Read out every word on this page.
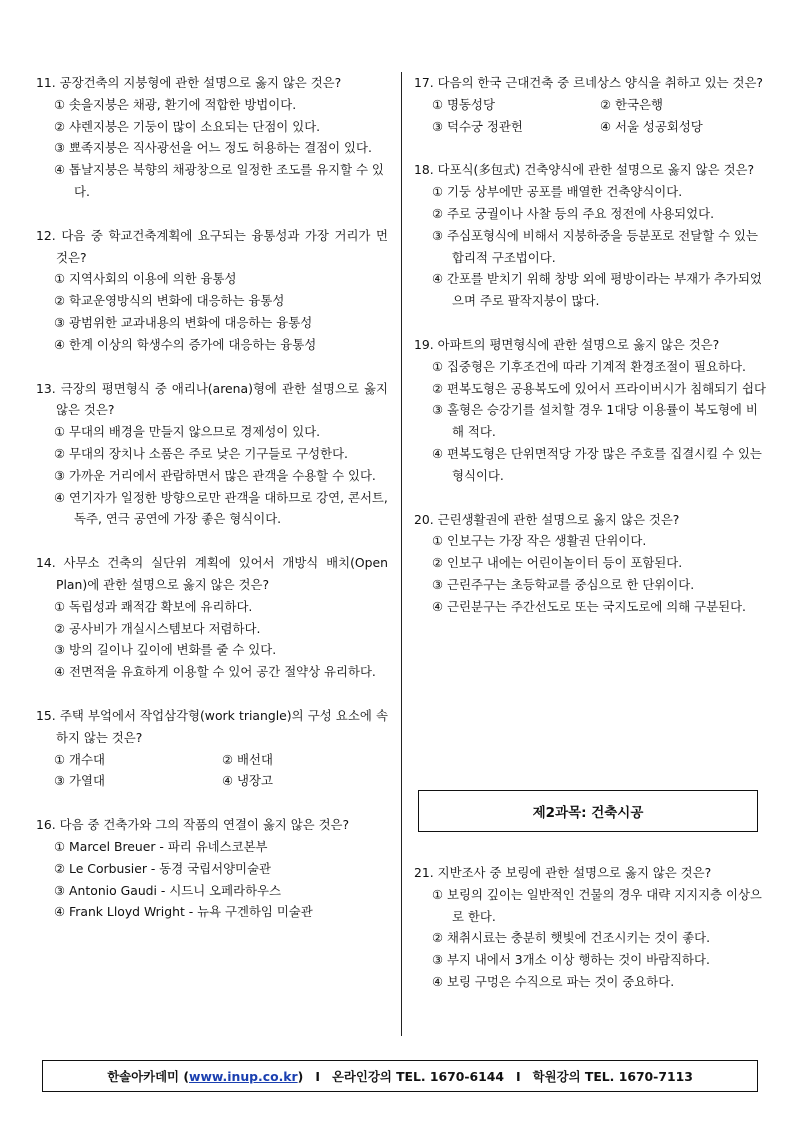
11. 공장건축의 지붕형에 관한 설명으로 옳지 않은 것은?
① 솟을지붕은 채광, 환기에 적합한 방법이다.
② 샤렌지붕은 기둥이 많이 소요되는 단점이 있다.
③ 뾰족지붕은 직사광선을 어느 정도 허용하는 결점이 있다.
④ 톱날지붕은 북향의 채광창으로 일정한 조도를 유지할 수 있다.
12. 다음 중 학교건축계획에 요구되는 융통성과 가장 거리가 먼 것은?
① 지역사회의 이용에 의한 융통성
② 학교운영방식의 변화에 대응하는 융통성
③ 광범위한 교과내용의 변화에 대응하는 융통성
④ 한계 이상의 학생수의 증가에 대응하는 융통성
13. 극장의 평면형식 중 애리나(arena)형에 관한 설명으로 옳지 않은 것은?
① 무대의 배경을 만들지 않으므로 경제성이 있다.
② 무대의 장치나 소품은 주로 낮은 기구들로 구성한다.
③ 가까운 거리에서 관람하면서 많은 관객을 수용할 수 있다.
④ 연기자가 일정한 방향으로만 관객을 대하므로 강연, 콘서트, 독주, 연극 공연에 가장 좋은 형식이다.
14. 사무소 건축의 실단위 계획에 있어서 개방식 배치(Open Plan)에 관한 설명으로 옳지 않은 것은?
① 독립성과 쾌적감 확보에 유리하다.
② 공사비가 개실시스템보다 저렴하다.
③ 방의 길이나 깊이에 변화를 줄 수 있다.
④ 전면적을 유효하게 이용할 수 있어 공간 절약상 유리하다.
15. 주택 부엌에서 작업삼각형(work triangle)의 구성 요소에 속하지 않는 것은?
① 개수대	② 배선대
③ 가열대	④ 냉장고
16. 다음 중 건축가와 그의 작품의 연결이 옳지 않은 것은?
① Marcel Breuer - 파리 유네스코본부
② Le Corbusier - 동경 국립서양미술관
③ Antonio Gaudi - 시드니 오페라하우스
④ Frank Lloyd Wright - 뉴욕 구겐하임 미술관
17. 다음의 한국 근대건축 중 르네상스 양식을 취하고 있는 것은?
① 명동성당	② 한국은행
③ 덕수궁 정관헌	④ 서울 성공회성당
18. 다포식(多包式) 건축양식에 관한 설명으로 옳지 않은 것은?
① 기둥 상부에만 공포를 배열한 건축양식이다.
② 주로 궁궐이나 사찰 등의 주요 정전에 사용되었다.
③ 주심포형식에 비해서 지붕하중을 등분포로 전달할 수 있는 합리적 구조법이다.
④ 간포를 받치기 위해 창방 외에 평방이라는 부재가 추가되었으며 주로 팔작지붕이 많다.
19. 아파트의 평면형식에 관한 설명으로 옳지 않은 것은?
① 집중형은 기후조건에 따라 기계적 환경조절이 필요하다.
② 편복도형은 공용복도에 있어서 프라이버시가 침해되기 쉽다
③ 홀형은 승강기를 설치할 경우 1대당 이용률이 복도형에 비해 적다.
④ 편복도형은 단위면적당 가장 많은 주호를 집결시킬 수 있는 형식이다.
20. 근린생활권에 관한 설명으로 옳지 않은 것은?
① 인보구는 가장 작은 생활권 단위이다.
② 인보구 내에는 어린이놀이터 등이 포함된다.
③ 근린주구는 초등학교를 중심으로 한 단위이다.
④ 근린분구는 주간선도로 또는 국지도로에 의해 구분된다.
제2과목: 건축시공
21. 지반조사 중 보링에 관한 설명으로 옳지 않은 것은?
① 보링의 깊이는 일반적인 건물의 경우 대략 지지지층 이상으로 한다.
② 채취시료는 충분히 햇빛에 건조시키는 것이 좋다.
③ 부지 내에서 3개소 이상 행하는 것이 바람직하다.
④ 보링 구멍은 수직으로 파는 것이 중요하다.
한솔아카데미 (www.inup.co.kr) I 온라인강의 TEL. 1670-6144 I 학원강의 TEL. 1670-7113
